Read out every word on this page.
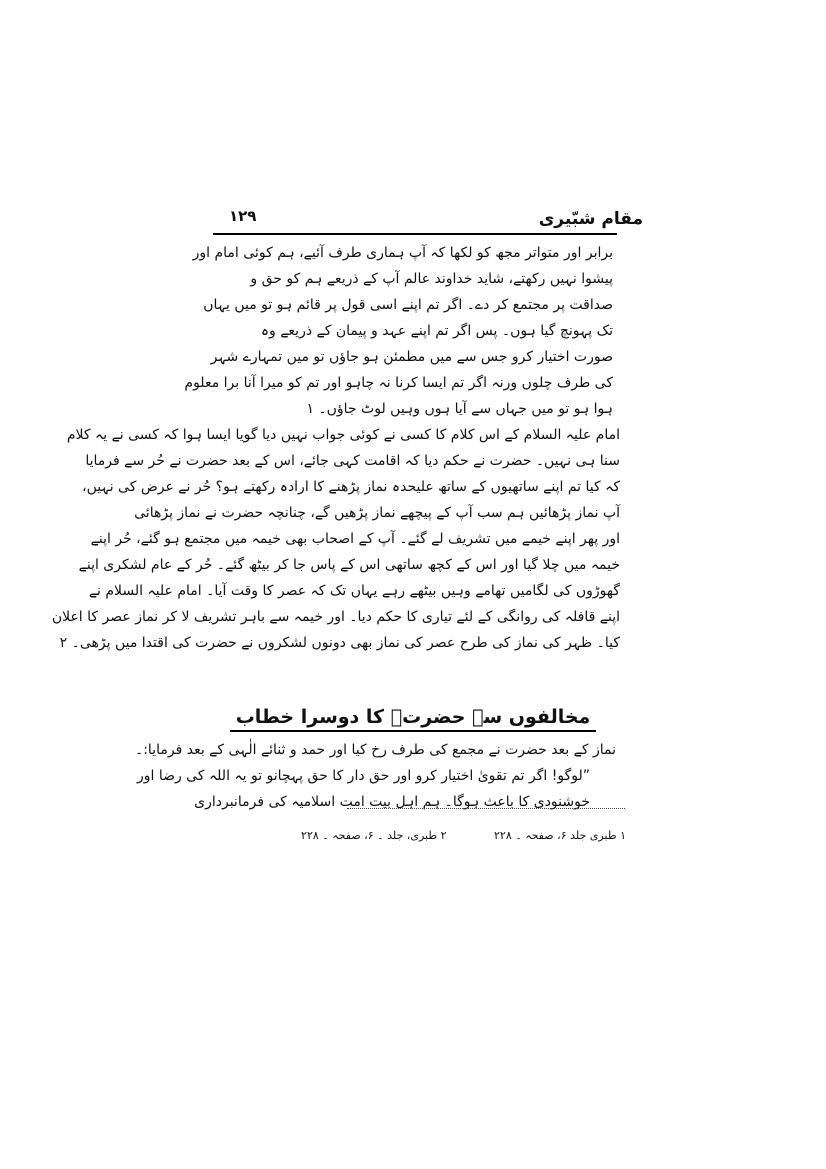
مقام شبّیری
۱۲۹
برابر اور متواتر مجھ کو لکھا کہ آپ ہماری طرف آئیے، ہم کوئی امام اور
پیشوا نہیں رکھتے، شاید خداوند عالم آپ کے ذریعے ہم کو حق و
صداقت پر مجتمع کر دے۔ اگر تم اپنے اسی قول پر قائم ہو تو میں یہاں
تک پہونچ گیا ہوں۔ پس اگر تم اپنے عہد و پیمان کے ذریعے وہ
صورت اختیار کرو جس سے میں مطمئن ہو جاؤں تو میں تمہارے شہر
کی طرف چلوں ورنہ اگر تم ایسا کرنا نہ چاہو اور تم کو میرا آنا برا معلوم
ہوا ہو تو میں جہاں سے آیا ہوں وہیں لوٹ جاؤں۔ ۱
امام علیہ السلام کے اس کلام کا کسی نے کوئی جواب نہیں دیا گویا ایسا ہوا کہ کسی نے یہ کلام
سنا ہی نہیں۔ حضرت نے حکم دیا کہ اقامت کہی جائے، اس کے بعد حضرت نے حُر سے فرمایا
کہ کیا تم اپنے ساتھیوں کے ساتھ علیحدہ نماز پڑھنے کا ارادہ رکھتے ہو؟ حُر نے عرض کی نہیں،
آپ نماز پڑھائیں ہم سب آپ کے پیچھے نماز پڑھیں گے، چنانچہ حضرت نے نماز پڑھائی
اور پھر اپنے خیمے میں تشریف لے گئے۔ آپ کے اصحاب بھی خیمہ میں مجتمع ہو گئے، حُر اپنے
خیمہ میں چلا گیا اور اس کے کچھ ساتھی اس کے پاس جا کر بیٹھ گئے۔ حُر کے عام لشکری اپنے
گھوڑوں کی لگامیں تھامے وہیں بیٹھے رہے یہاں تک کہ عصر کا وقت آیا۔ امام علیہ السلام نے
اپنے قافلہ کی روانگی کے لئے تیاری کا حکم دیا۔ اور خیمہ سے باہر تشریف لا کر نماز عصر کا اعلان
کیا۔ ظہر کی نماز کی طرح عصر کی نماز بھی دونوں لشکروں نے حضرت کی اقتدا میں پڑھی۔ ۲
مخالفوں سے حضرتؑ کا دوسرا خطاب
نماز کے بعد حضرت نے مجمع کی طرف رخ کیا اور حمد و ثنائے الٰہی کے بعد فرمایا:۔
”لوگو! اگر تم تقویٰ اختیار کرو اور حق دار کا حق پہچانو تو یہ اللہ کی رضا اور
خوشنودی کا باعث ہوگا۔ ہم اہل بیت امت اسلامیہ کی فرمانبرداری
۱ طبری جلد ۶، صفحہ ۔ ۲۲۸ ۲ طبری، جلد ۔ ۶، صفحہ ۔ ۲۲۸
